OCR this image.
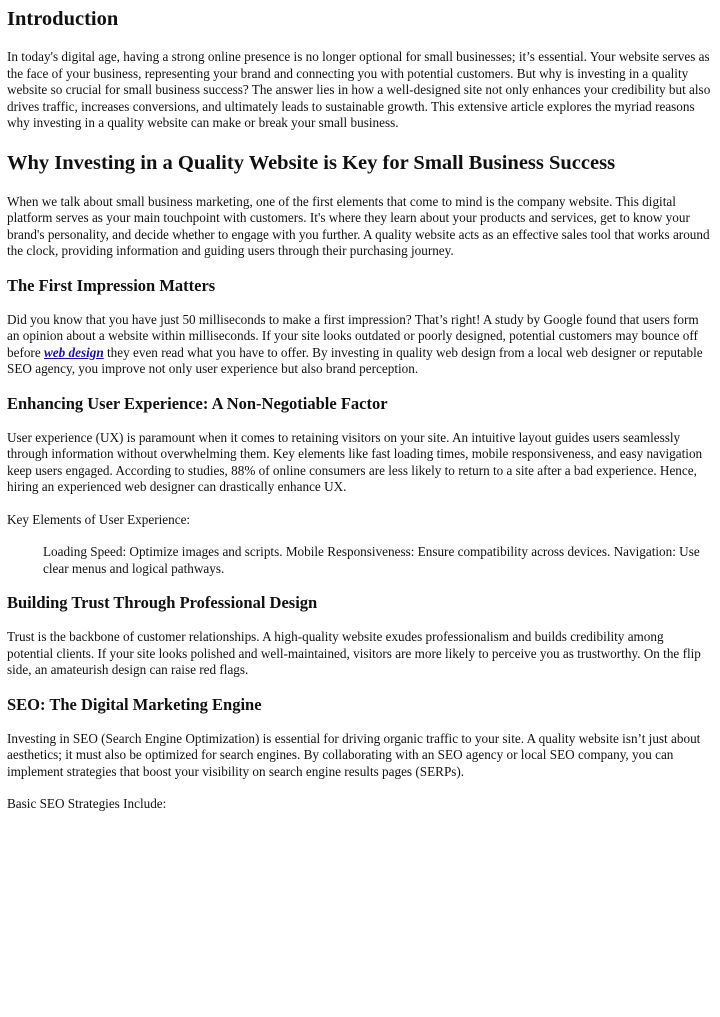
Introduction

In today's digital age, having a strong online presence is no longer optional for small businesses; it’s essential. Your website serves as the face of your business, representing your brand and connecting you with potential customers. But why is investing in a quality website so crucial for small business success? The answer lies in how a well-designed site not only enhances your credibility but also drives traffic, increases conversions, and ultimately leads to sustainable growth. This extensive article explores the myriad reasons why investing in a quality website can make or break your small business.

Why Investing in a Quality Website is Key for Small Business Success

When we talk about small business marketing, one of the first elements that come to mind is the company website. This digital platform serves as your main touchpoint with customers. It's where they learn about your products and services, get to know your brand's personality, and decide whether to engage with you further. A quality website acts as an effective sales tool that works around the clock, providing information and guiding users through their purchasing journey.

The First Impression Matters

Did you know that you have just 50 milliseconds to make a first impression? That’s right! A study by Google found that users form an opinion about a website within milliseconds. If your site looks outdated or poorly designed, potential customers may bounce off before web design they even read what you have to offer. By investing in quality web design from a local web designer or reputable SEO agency, you improve not only user experience but also brand perception.

Enhancing User Experience: A Non-Negotiable Factor

User experience (UX) is paramount when it comes to retaining visitors on your site. An intuitive layout guides users seamlessly through information without overwhelming them. Key elements like fast loading times, mobile responsiveness, and easy navigation keep users engaged. According to studies, 88% of online consumers are less likely to return to a site after a bad experience. Hence, hiring an experienced web designer can drastically enhance UX.

Key Elements of User Experience:

Loading Speed: Optimize images and scripts. Mobile Responsiveness: Ensure compatibility across devices. Navigation: Use clear menus and logical pathways.

Building Trust Through Professional Design

Trust is the backbone of customer relationships. A high-quality website exudes professionalism and builds credibility among potential clients. If your site looks polished and well-maintained, visitors are more likely to perceive you as trustworthy. On the flip side, an amateurish design can raise red flags.

SEO: The Digital Marketing Engine

Investing in SEO (Search Engine Optimization) is essential for driving organic traffic to your site. A quality website isn’t just about aesthetics; it must also be optimized for search engines. By collaborating with an SEO agency or local SEO company, you can implement strategies that boost your visibility on search engine results pages (SERPs).

Basic SEO Strategies Include:
